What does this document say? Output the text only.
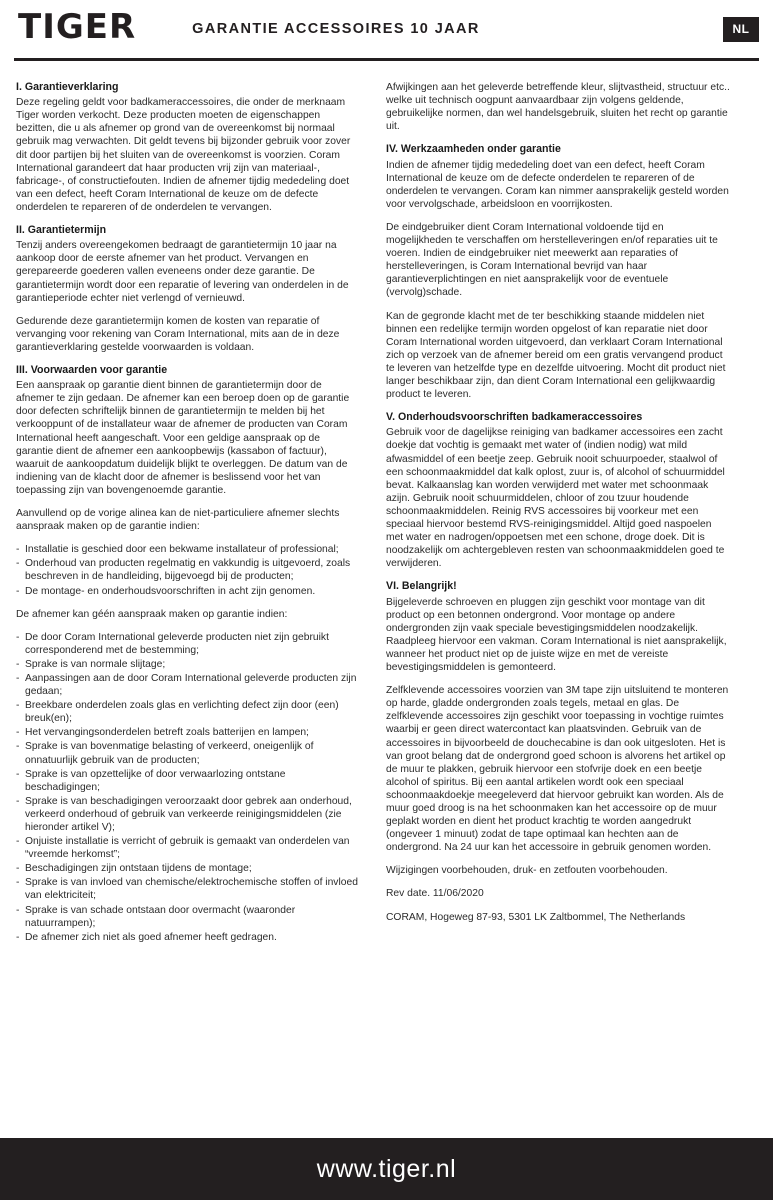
TIGER	GARANTIE ACCESSOIRES 10 JAAR	NL
I. Garantieverklaring

Deze regeling geldt voor badkameraccessoires, die onder de merknaam Tiger worden verkocht. Deze producten moeten de eigenschappen bezitten, die u als afnemer op grond van de overeenkomst bij normaal gebruik mag verwachten. Dit geldt tevens bij bijzonder gebruik voor zover dit door partijen bij het sluiten van de overeenkomst is voorzien. Coram International garandeert dat haar producten vrij zijn van materiaal-, fabricage-, of constructiefouten. Indien de afnemer tijdig mededeling doet van een defect, heeft Coram International de keuze om de defecte onderdelen te repareren of de onderdelen te vervangen.

II. Garantietermijn

Tenzij anders overeengekomen bedraagt de garantietermijn 10 jaar na aankoop door de eerste afnemer van het product. Vervangen en gerepareerde goederen vallen eveneens onder deze garantie. De garantietermijn wordt door een reparatie of levering van onderdelen in de garantieperiode echter niet verlengd of vernieuwd.

Gedurende deze garantietermijn komen de kosten van reparatie of vervanging voor rekening van Coram International, mits aan de in deze garantieverklaring gestelde voorwaarden is voldaan.

III. Voorwaarden voor garantie

Een aanspraak op garantie dient binnen de garantietermijn door de afnemer te zijn gedaan. De afnemer kan een beroep doen op de garantie door defecten schriftelijk binnen de garantietermijn te melden bij het verkooppunt of de installateur waar de afnemer de producten van Coram International heeft aangeschaft. Voor een geldige aanspraak op de garantie dient de afnemer een aankoopbewijs (kassabon of factuur), waaruit de aankoopdatum duidelijk blijkt te overleggen. De datum van de indiening van de klacht door de afnemer is beslissend voor het van toepassing zijn van bovengenoemde garantie.

Aanvullend op de vorige alinea kan de niet-particuliere afnemer slechts aanspraak maken op de garantie indien:

- Installatie is geschied door een bekwame installateur of professional;
- Onderhoud van producten regelmatig en vakkundig is uitgevoerd, zoals beschreven in de handleiding, bijgevoegd bij de producten;
- De montage- en onderhoudsvoorschriften in acht zijn genomen.

De afnemer kan géén aanspraak maken op garantie indien:

- De door Coram International geleverde producten niet zijn gebruikt corresponderend met de bestemming;
- Sprake is van normale slijtage;
- Aanpassingen aan de door Coram International geleverde producten zijn gedaan;
- Breekbare onderdelen zoals glas en verlichting defect zijn door (een) breuk(en);
- Het vervangingsonderdelen betreft zoals batterijen en lampen;
- Sprake is van bovenmatige belasting of verkeerd, oneigenlijk of onnatuurlijk gebruik van de producten;
- Sprake is van opzettelijke of door verwaarlozing ontstane beschadigingen;
- Sprake is van beschadigingen veroorzaakt door gebrek aan onderhoud, verkeerd onderhoud of gebruik van verkeerde reinigingsmiddelen (zie hieronder artikel V);
- Onjuiste installatie is verricht of gebruik is gemaakt van onderdelen van “vreemde herkomst”;
- Beschadigingen zijn ontstaan tijdens de montage;
- Sprake is van invloed van chemische/elektrochemische stoffen of invloed van elektriciteit;
- Sprake is van schade ontstaan door overmacht (waaronder natuurrampen);
- De afnemer zich niet als goed afnemer heeft gedragen.

Afwijkingen aan het geleverde betreffende kleur, slijtvastheid, structuur etc.. welke uit technisch oogpunt aanvaardbaar zijn volgens geldende, gebruikelijke normen, dan wel handelsgebruik, sluiten het recht op garantie uit.

IV. Werkzaamheden onder garantie

Indien de afnemer tijdig mededeling doet van een defect, heeft Coram International de keuze om de defecte onderdelen te repareren of de onderdelen te vervangen. Coram kan nimmer aansprakelijk gesteld worden voor vervolgschade, arbeidsloon en voorrijkosten.

De eindgebruiker dient Coram International voldoende tijd en mogelijkheden te verschaffen om herstelleveringen en/of reparaties uit te voeren. Indien de eindgebruiker niet meewerkt aan reparaties of herstelleveringen, is Coram International bevrijd van haar garantieverplichtingen en niet aansprakelijk voor de eventuele (vervolg)schade.

Kan de gegronde klacht met de ter beschikking staande middelen niet binnen een redelijke termijn worden opgelost of kan reparatie niet door Coram International worden uitgevoerd, dan verklaart Coram International zich op verzoek van de afnemer bereid om een gratis vervangend product te leveren van hetzelfde type en dezelfde uitvoering. Mocht dit product niet langer beschikbaar zijn, dan dient Coram International een gelijkwaardig product te leveren.

V. Onderhoudsvoorschriften badkameraccessoires

Gebruik voor de dagelijkse reiniging van badkamer accessoires een zacht doekje dat vochtig is gemaakt met water of (indien nodig) wat mild afwasmiddel of een beetje zeep. Gebruik nooit schuurpoeder, staalwol of een schoonmaakmiddel dat kalk oplost, zuur is, of alcohol of schuurmiddel bevat. Kalkaanslag kan worden verwijderd met water met schoonmaak azijn. Gebruik nooit schuurmiddelen, chloor of zou tzuur houdende schoonmaakmiddelen. Reinig RVS accessoires bij voorkeur met een speciaal hiervoor bestemd RVS-reinigingsmiddel. Altijd goed naspoelen met water en nadrogen/oppoetsen met een schone, droge doek. Dit is noodzakelijk om achtergebleven resten van schoonmaakmiddelen goed te verwijderen.

VI. Belangrijk!

Bijgeleverde schroeven en pluggen zijn geschikt voor montage van dit product op een betonnen ondergrond. Voor montage op andere ondergronden zijn vaak speciale bevestigingsmiddelen noodzakelijk. Raadpleeg hiervoor een vakman. Coram International is niet aansprakelijk, wanneer het product niet op de juiste wijze en met de vereiste bevestigingsmiddelen is gemonteerd.

Zelfklevende accessoires voorzien van 3M tape zijn uitsluitend te monteren op harde, gladde ondergronden zoals tegels, metaal en glas. De zelfklevende accessoires zijn geschikt voor toepassing in vochtige ruimtes waarbij er geen direct watercontact kan plaatsvinden. Gebruik van de accessoires in bijvoorbeeld de douchecabine is dan ook uitgesloten. Het is van groot belang dat de ondergrond goed schoon is alvorens het artikel op de muur te plakken, gebruik hiervoor een stofvrije doek en een beetje alcohol of spiritus. Bij een aantal artikelen wordt ook een speciaal schoonmaakdoekje meegeleverd dat hiervoor gebruikt kan worden. Als de muur goed droog is na het schoonmaken kan het accessoire op de muur geplakt worden en dient het product krachtig te worden aangedrukt (ongeveer 1 minuut) zodat de tape optimaal kan hechten aan de ondergrond. Na 24 uur kan het accessoire in gebruik genomen worden.

Wijzigingen voorbehouden, druk- en zetfouten voorbehouden.

Rev date. 11/06/2020

CORAM, Hogeweg 87-93, 5301 LK Zaltbommel, The Netherlands

www.tiger.nl
